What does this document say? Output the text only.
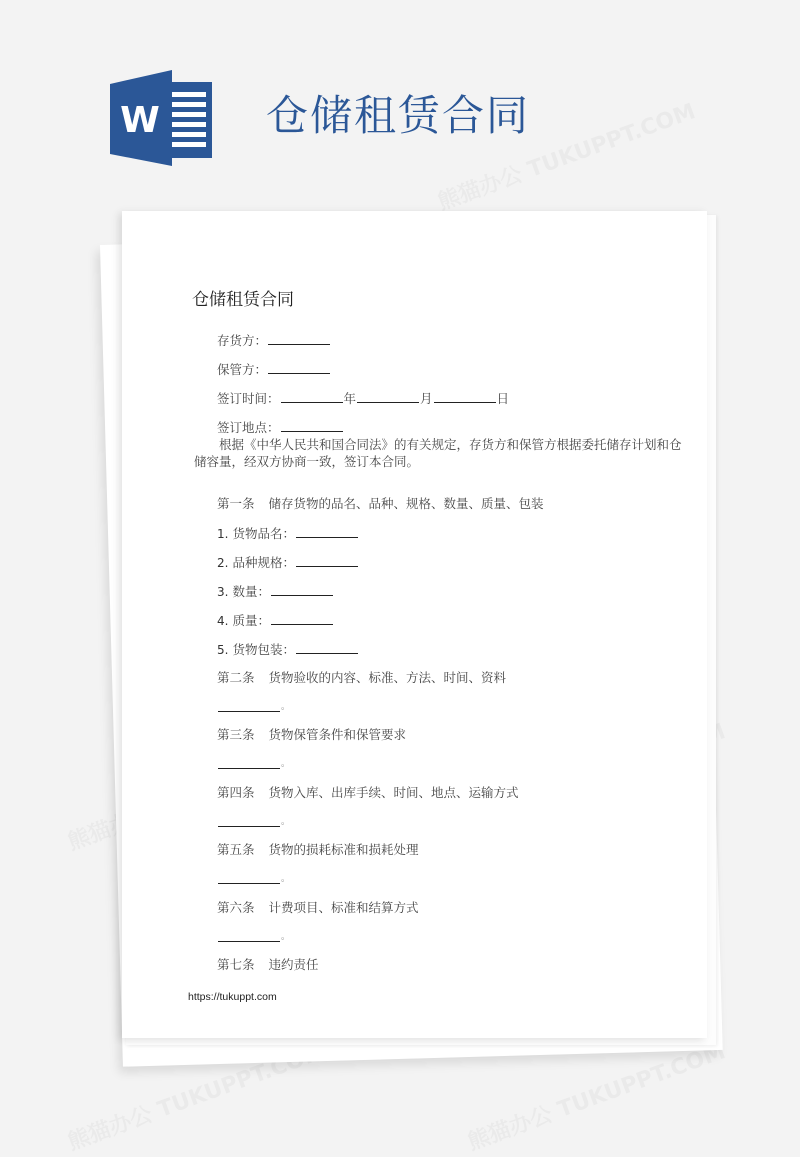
W	仓储租赁合同
仓储租赁合同
存货方：
保管方：
签订时间：	年	月	日
签订地点：
根据《中华人民共和国合同法》的有关规定，存货方和保管方根据委托储存计划和仓储容量，经双方协商一致，签订本合同。
第一条 储存货物的品名、品种、规格、数量、质量、包装
1. 货物品名：
2. 品种规格：
3. 数量：
4. 质量：
5. 货物包装：
第二条 货物验收的内容、标准、方法、时间、资料
。
第三条 货物保管条件和保管要求
。
第四条 货物入库、出库手续、时间、地点、运输方式
。
第五条 货物的损耗标准和损耗处理
。
第六条 计费项目、标准和结算方式
。
第七条 违约责任
https://tukuppt.com
